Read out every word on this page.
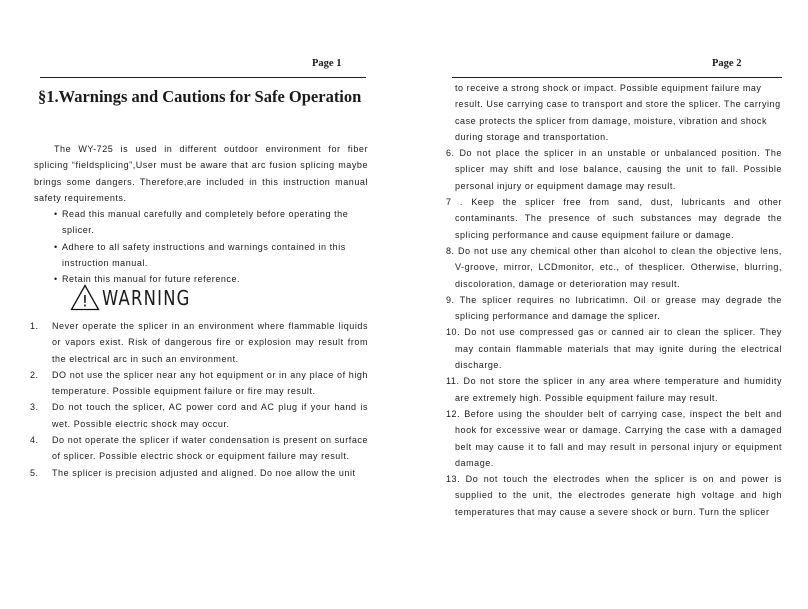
Page 1
§1.Warnings and Cautions for Safe Operation

The WY-725 is used in different outdoor environment for fiber splicing “fieldsplicing”,User must be aware that arc fusion splicing maybe brings some dangers. Therefore,are included in this instruction manual safety requirements.

• Read this manual carefully and completely before operating the splicer.
• Adhere to all safety instructions and warnings contained in this instruction manual.
• Retain this manual for future reference.
! WARNING
1.	Never operate the splicer in an environment where flammable liquids or vapors exist. Risk of dangerous fire or explosion may result from the electrical arc in such an environment.

2.	DO not use the splicer near any hot equipment or in any place of high temperature. Possible equipment failure or fire may result.

3.	Do not touch the splicer, AC power cord and AC plug if your hand is wet. Possible electric shock may occur.

4.	Do not operate the splicer if water condensation is present on surface of splicer. Possible electric shock or equipment failure may result.

5.	The splicer is precision adjusted and aligned. Do noe allow the unit

Page 2

to receive a strong shock or impact. Possible equipment failure may result. Use carrying case to transport and store the splicer. The carrying case protects the splicer from damage, moisture, vibration and shock during storage and transportation.

6. Do not place the splicer in an unstable or unbalanced position. The splicer may shift and lose balance, causing the unit to fall. Possible personal injury or equipment damage may result.

7 . Keep the splicer free from sand, dust, lubricants and other contaminants. The presence of such substances may degrade the splicing performance and cause equipment failure or damage.

8. Do not use any chemical other than alcohol to clean the objective lens, V-groove, mirror, LCDmonitor, etc., of thesplicer. Otherwise, blurring, discoloration, damage or deterioration may result.

9. The splicer requires no lubricatimn. Oil or grease may degrade the splicing performance and damage the splicer.

10. Do not use compressed gas or canned air to clean the splicer. They may contain flammable materials that may ignite during the electrical discharge.

11. Do not store the splicer in any area where temperature and humidity are extremely high. Possible equipment failure may result.

12. Before using the shoulder belt of carrying case, inspect the belt and hook for excessive wear or damage. Carrying the case with a damaged belt may cause it to fall and may result in personal injury or equipment damage.

13. Do not touch the electrodes when the splicer is on and power is supplied to the unit, the electrodes generate high voltage and high temperatures that may cause a severe shock or burn. Turn the splicer
